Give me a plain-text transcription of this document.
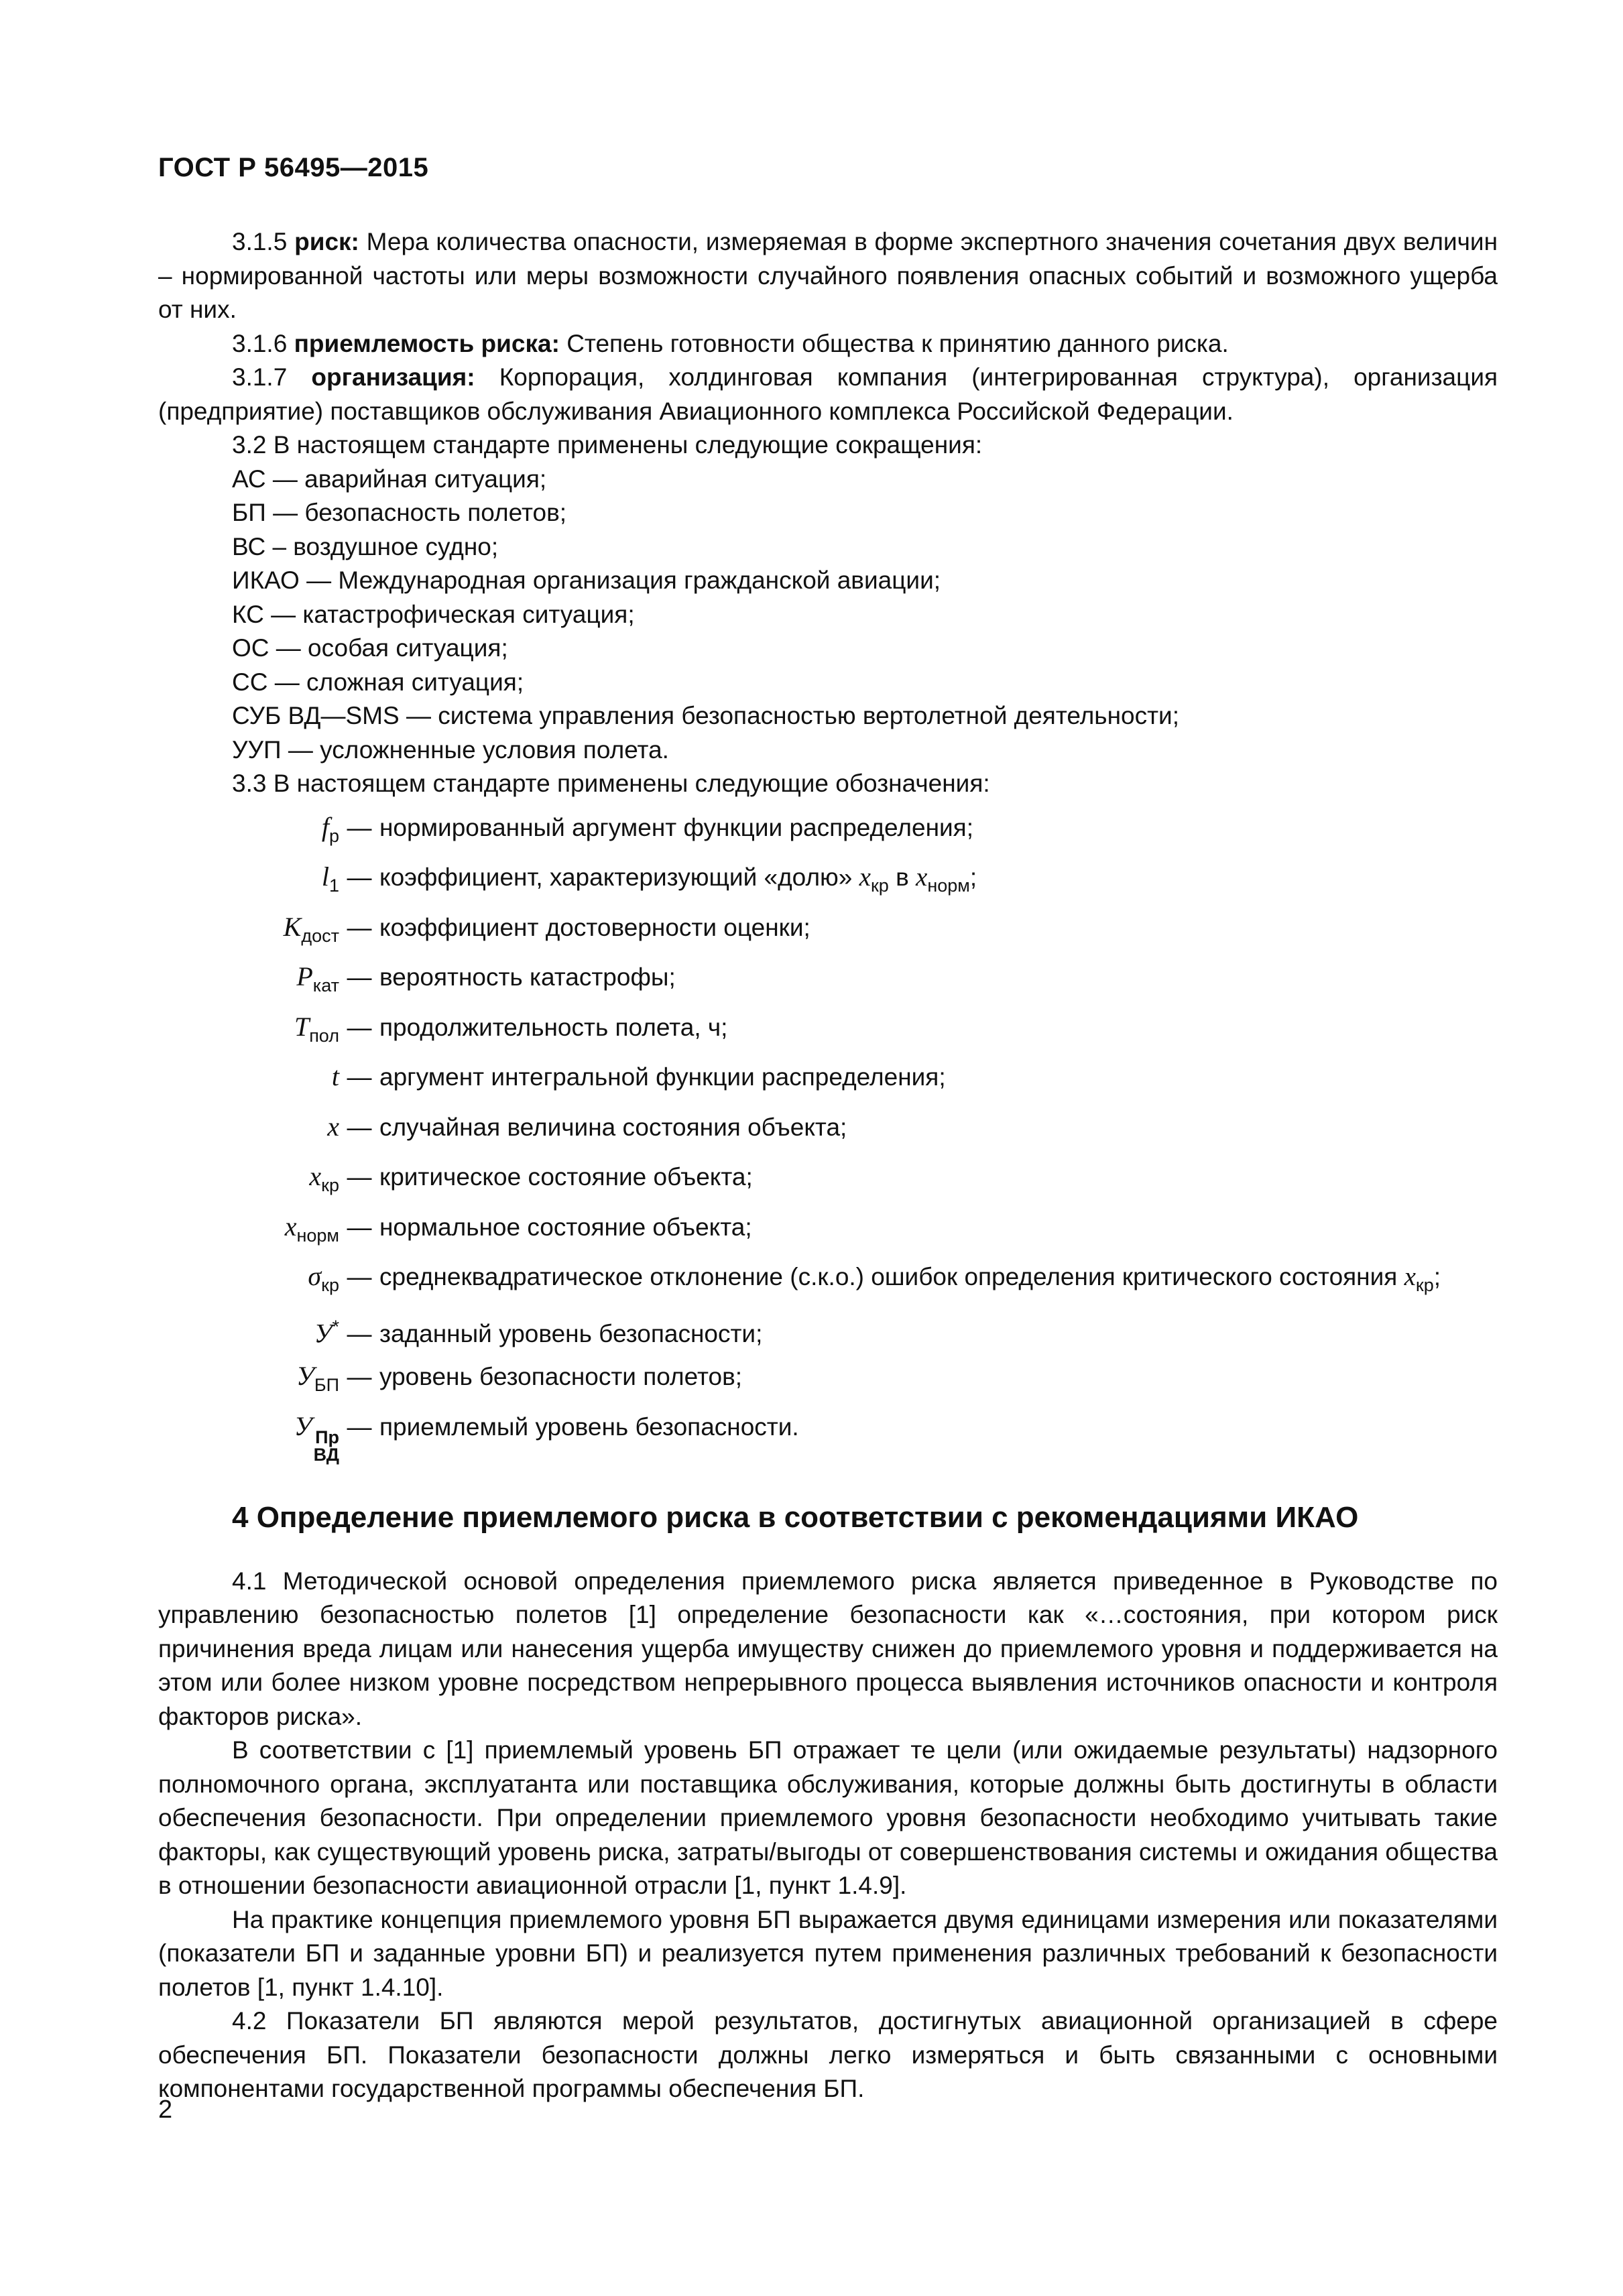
ГОСТ Р 56495—2015

3.1.5 риск: Мера количества опасности, измеряемая в форме экспертного значения сочетания двух величин – нормированной частоты или меры возможности случайного появления опасных событий и возможного ущерба от них.

3.1.6 приемлемость риска: Степень готовности общества к принятию данного риска.

3.1.7 организация: Корпорация, холдинговая компания (интегрированная структура), организация (предприятие) поставщиков обслуживания Авиационного комплекса Российской Федерации.

3.2 В настоящем стандарте применены следующие сокращения:

АС — аварийная ситуация;

БП — безопасность полетов;

ВС – воздушное судно;

ИКАО — Международная организация гражданской авиации;

КС — катастрофическая ситуация;

ОС — особая ситуация;

СС — сложная ситуация;

СУБ ВД—SMS — система управления безопасностью вертолетной деятельности;

УУП — усложненные условия полета.

3.3 В настоящем стандарте применены следующие обозначения:

$f_р$ — нормированный аргумент функции распределения;
$l_1$ — коэффициент, характеризующий «долю» $x_{кр}$ в $x_{норм}$;
$K_{дост}$ — коэффициент достоверности оценки;
$P_{кат}$ — вероятность катастрофы;
$T_{пол}$ — продолжительность полета, ч;
t — аргумент интегральной функции распределения;
x — случайная величина состояния объекта;
$x_{кр}$ — критическое состояние объекта;
$x_{норм}$ — нормальное состояние объекта;
$\sigma_{кр}$ — среднеквадратическое отклонение (с.к.о.) ошибок определения критического состояния $x_{кр}$;
У* — заданный уровень безопасности;
$У_{БП}$ — уровень безопасности полетов;
У Пр
ВД
— приемлемый уровень безопасности.
4 Определение приемлемого риска в соответствии с рекомендациями ИКАО

4.1 Методической основой определения приемлемого риска является приведенное в Руководстве по управлению безопасностью полетов [1] определение безопасности как «…состояния, при котором риск причинения вреда лицам или нанесения ущерба имуществу снижен до приемлемого уровня и поддерживается на этом или более низком уровне посредством непрерывного процесса выявления источников опасности и контроля факторов риска».

В соответствии с [1] приемлемый уровень БП отражает те цели (или ожидаемые результаты) надзорного полномочного органа, эксплуатанта или поставщика обслуживания, которые должны быть достигнуты в области обеспечения безопасности. При определении приемлемого уровня безопасности необходимо учитывать такие факторы, как существующий уровень риска, затраты/выгоды от совершенствования системы и ожидания общества в отношении безопасности авиационной отрасли [1, пункт 1.4.9].

На практике концепция приемлемого уровня БП выражается двумя единицами измерения или показателями (показатели БП и заданные уровни БП) и реализуется путем применения различных требований к безопасности полетов [1, пункт 1.4.10].

4.2 Показатели БП являются мерой результатов, достигнутых авиационной организацией в сфере обеспечения БП. Показатели безопасности должны легко измеряться и быть связанными с основными компонентами государственной программы обеспечения БП.

2
